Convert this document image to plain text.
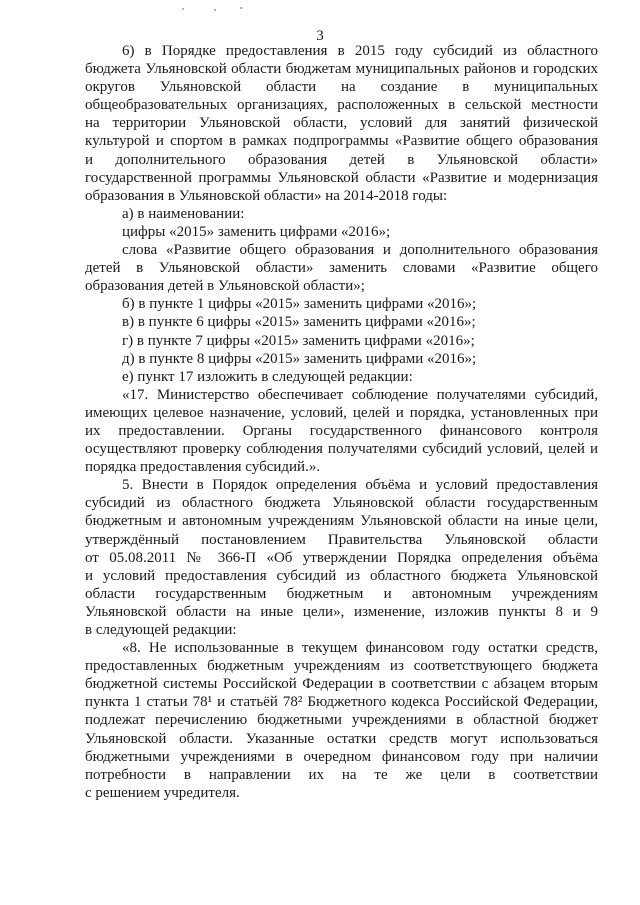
3

6) в Порядке предоставления в 2015 году субсидий из областного

бюджета Ульяновской области бюджетам муниципальных районов и городских

округов Ульяновской области на создание в муниципальных

общеобразовательных организациях, расположенных в сельской местности

на территории Ульяновской области, условий для занятий физической

культурой и спортом в рамках подпрограммы «Развитие общего образования

и дополнительного образования детей в Ульяновской области»

государственной программы Ульяновской области «Развитие и модернизация

образования в Ульяновской области» на 2014-2018 годы:

а) в наименовании:

цифры «2015» заменить цифрами «2016»;

слова «Развитие общего образования и дополнительного образования

детей в Ульяновской области» заменить словами «Развитие общего

образования детей в Ульяновской области»;

б) в пункте 1 цифры «2015» заменить цифрами «2016»;

в) в пункте 6 цифры «2015» заменить цифрами «2016»;

г) в пункте 7 цифры «2015» заменить цифрами «2016»;

д) в пункте 8 цифры «2015» заменить цифрами «2016»;

е) пункт 17 изложить в следующей редакции:

«17. Министерство обеспечивает соблюдение получателями субсидий,

имеющих целевое назначение, условий, целей и порядка, установленных при

их предоставлении. Органы государственного финансового контроля

осуществляют проверку соблюдения получателями субсидий условий, целей и

порядка предоставления субсидий.».

5. Внести в Порядок определения объёма и условий предоставления

субсидий из областного бюджета Ульяновской области государственным

бюджетным и автономным учреждениям Ульяновской области на иные цели,

утверждённый постановлением Правительства Ульяновской области

от 05.08.2011 № 366-П «Об утверждении Порядка определения объёма

и условий предоставления субсидий из областного бюджета Ульяновской

области государственным бюджетным и автономным учреждениям

Ульяновской области на иные цели», изменение, изложив пункты 8 и 9

в следующей редакции:

«8. Не использованные в текущем финансовом году остатки средств,

предоставленных бюджетным учреждениям из соответствующего бюджета

бюджетной системы Российской Федерации в соответствии с абзацем вторым

пункта 1 статьи 78¹ и статьёй 78² Бюджетного кодекса Российской Федерации,

подлежат перечислению бюджетными учреждениями в областной бюджет

Ульяновской области. Указанные остатки средств могут использоваться

бюджетными учреждениями в очередном финансовом году при наличии

потребности в направлении их на те же цели в соответствии

с решением учредителя.
